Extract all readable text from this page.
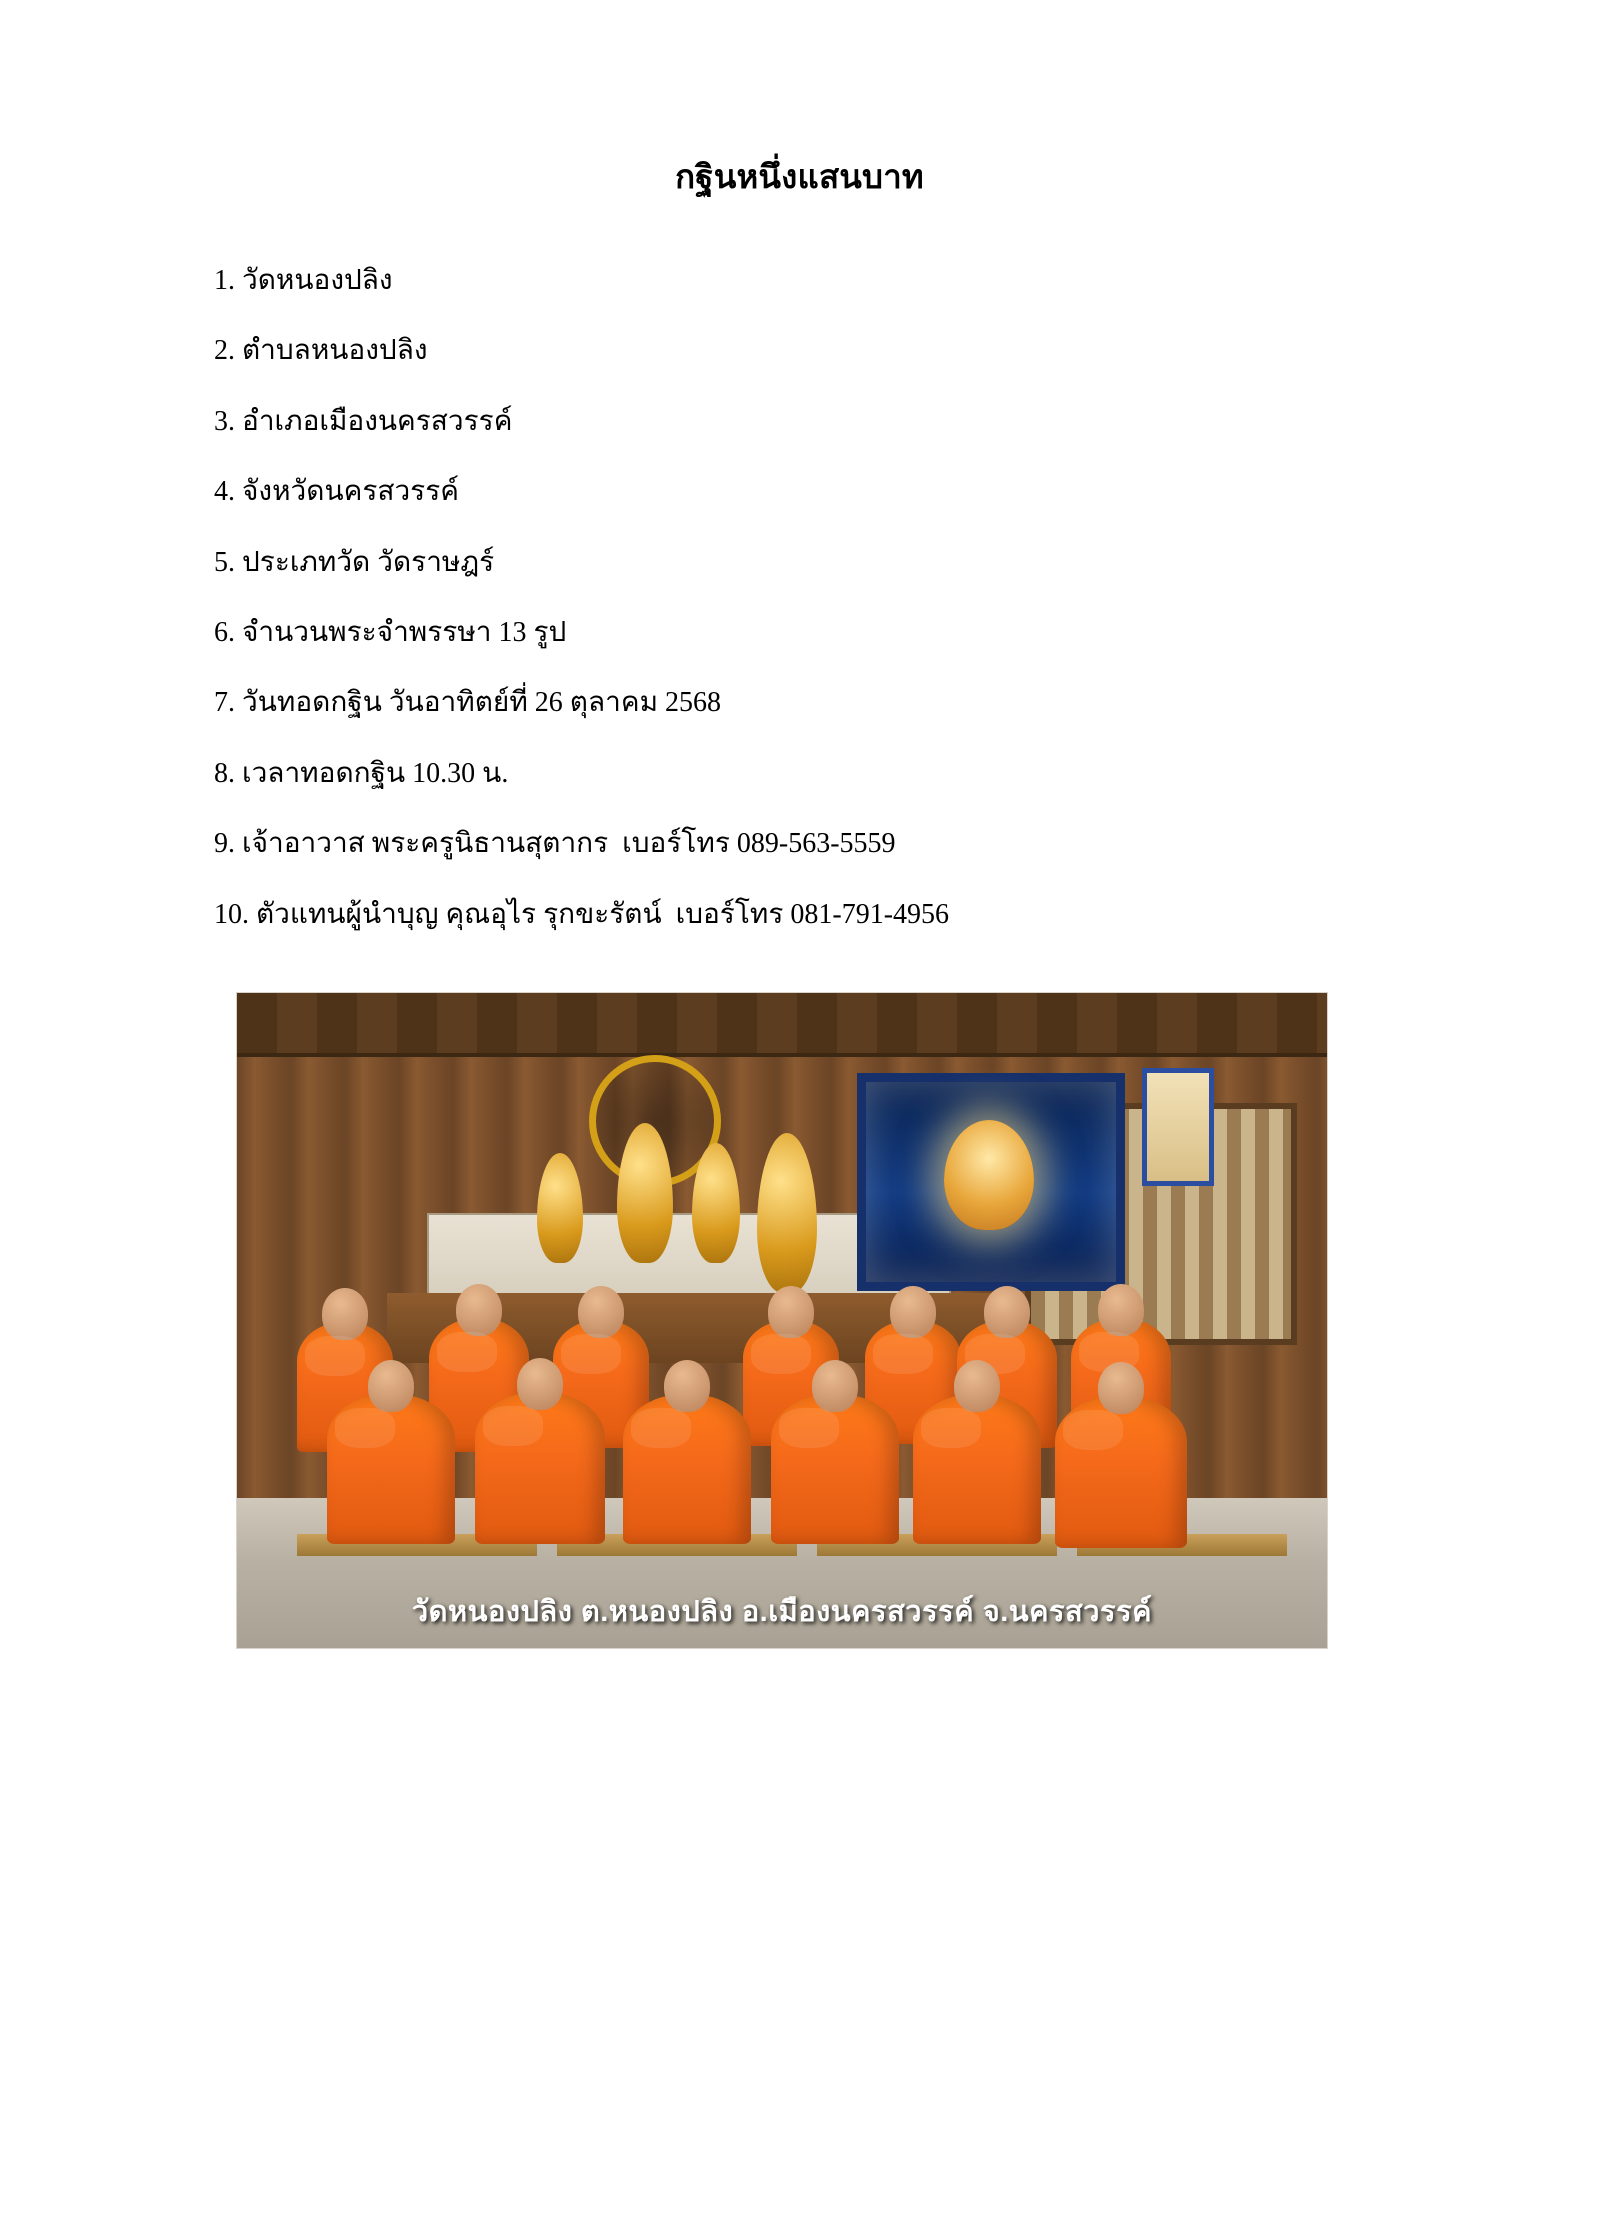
กฐินหนึ่งแสนบาท
1. วัดหนองปลิง
2. ตำบลหนองปลิง
3. อำเภอเมืองนครสวรรค์
4. จังหวัดนครสวรรค์
5. ประเภทวัด วัดราษฎร์
6. จำนวนพระจำพรรษา 13 รูป
7. วันทอดกฐิน วันอาทิตย์ที่ 26 ตุลาคม 2568
8. เวลาทอดกฐิน 10.30 น.
9. เจ้าอาวาส พระครูนิธานสุตากร  เบอร์โทร 089-563-5559
10. ตัวแทนผู้นำบุญ คุณอุไร รุกขะรัตน์  เบอร์โทร 081-791-4956
วัดหนองปลิง ต.หนองปลิง อ.เมืองนครสวรรค์ จ.นครสวรรค์
